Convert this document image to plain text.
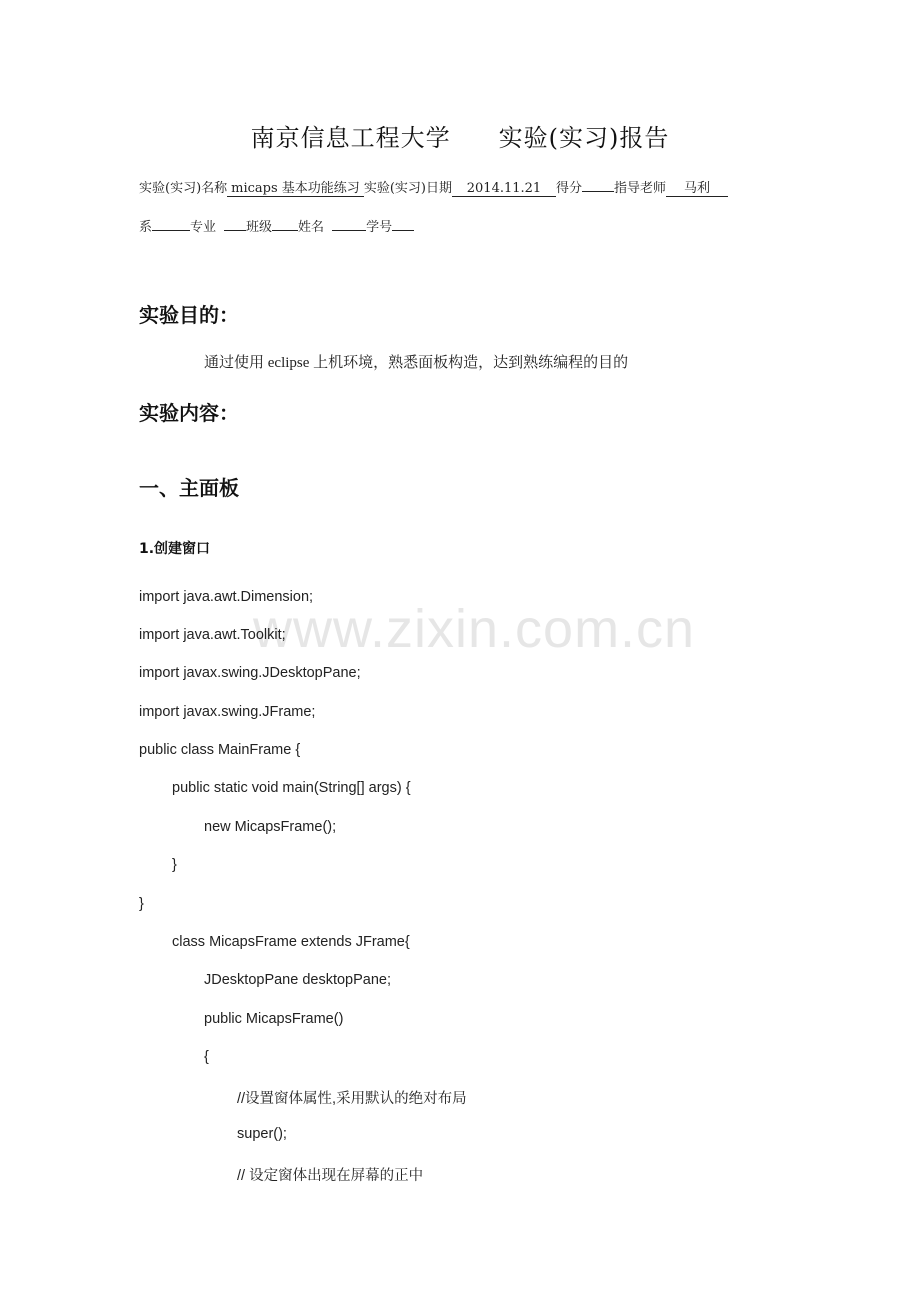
南京信息工程大学 实验(实习)报告
实验(实习)名称 micaps 基本功能练习 实验(实习)日期 2014.11.21 得分 指导老师 马利
系	专业 班级 姓名	学号
实验目的：
通过使用 eclipse 上机环境，熟悉面板构造，达到熟练编程的目的
实验内容：
一、主面板
1.创建窗口
www.zixin.com.cn
import java.awt.Dimension;
import java.awt.Toolkit;
import javax.swing.JDesktopPane;
import javax.swing.JFrame;
public class MainFrame {
public static void main(String[] args) {
new MicapsFrame();
}
}
class MicapsFrame extends JFrame{
JDesktopPane desktopPane;
public MicapsFrame()
{
//设置窗体属性,采用默认的绝对布局
super();
// 设定窗体出现在屏幕的正中
